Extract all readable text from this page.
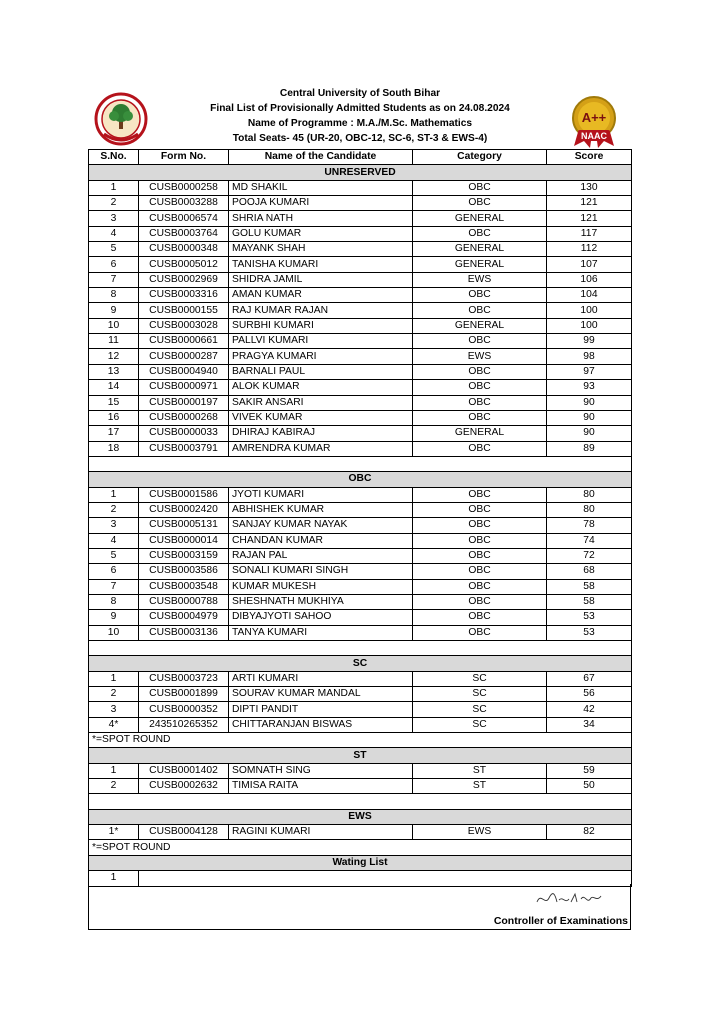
Central University of South Bihar
Final List of Provisionally Admitted Students as on 24.08.2024
Name of Programme : M.A./M.Sc. Mathematics
Total Seats- 45 (UR-20, OBC-12, SC-6, ST-3 & EWS-4)
A++
NAAC
S.No.	Form No.	Name of the Candidate	Category	Score
UNRESERVED				
1	CUSB0000258	MD SHAKIL	OBC	130
2	CUSB0003288	POOJA KUMARI	OBC	121
3	CUSB0006574	SHRIA NATH	GENERAL	121
4	CUSB0003764	GOLU KUMAR	OBC	117
5	CUSB0000348	MAYANK SHAH	GENERAL	112
6	CUSB0005012	TANISHA KUMARI	GENERAL	107
7	CUSB0002969	SHIDRA JAMIL	EWS	106
8	CUSB0003316	AMAN KUMAR	OBC	104
9	CUSB0000155	RAJ KUMAR RAJAN	OBC	100
10	CUSB0003028	SURBHI KUMARI	GENERAL	100
11	CUSB0000661	PALLVI KUMARI	OBC	99
12	CUSB0000287	PRAGYA KUMARI	EWS	98
13	CUSB0004940	BARNALI PAUL	OBC	97
14	CUSB0000971	ALOK KUMAR	OBC	93
15	CUSB0000197	SAKIR ANSARI	OBC	90
16	CUSB0000268	VIVEK KUMAR	OBC	90
17	CUSB0000033	DHIRAJ KABIRAJ	GENERAL	90
18	CUSB0003791	AMRENDRA KUMAR	OBC	89

OBC				
1	CUSB0001586	JYOTI KUMARI	OBC	80
2	CUSB0002420	ABHISHEK KUMAR	OBC	80
3	CUSB0005131	SANJAY KUMAR NAYAK	OBC	78
4	CUSB0000014	CHANDAN KUMAR	OBC	74
5	CUSB0003159	RAJAN PAL	OBC	72
6	CUSB0003586	SONALI KUMARI SINGH	OBC	68
7	CUSB0003548	KUMAR MUKESH	OBC	58
8	CUSB0000788	SHESHNATH MUKHIYA	OBC	58
9	CUSB0004979	DIBYAJYOTI SAHOO	OBC	53
10	CUSB0003136	TANYA KUMARI	OBC	53

SC				
1	CUSB0003723	ARTI KUMARI	SC	67
2	CUSB0001899	SOURAV KUMAR MANDAL	SC	56
3	CUSB0000352	DIPTI PANDIT	SC	42
4*	243510265352	CHITTARANJAN BISWAS	SC	34
*=SPOT ROUND				
ST				
1	CUSB0001402	SOMNATH SING	ST	59
2	CUSB0002632	TIMISA RAITA	ST	50

EWS				
1*	CUSB0004128	RAGINI KUMARI	EWS	82
*=SPOT ROUND				
Wating List				
1				
Controller of Examinations
